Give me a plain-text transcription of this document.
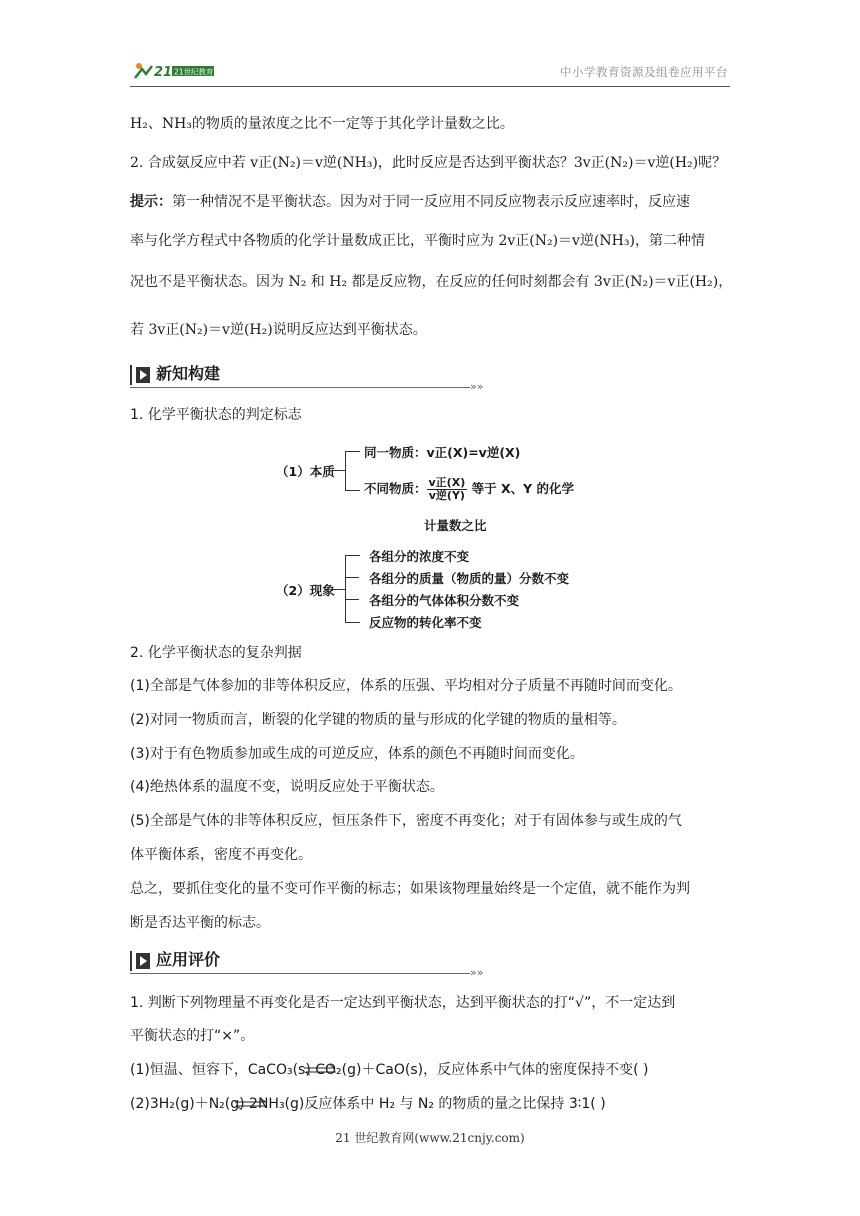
21 21世纪教育	中小学教育资源及组卷应用平台
H₂、NH₃的物质的量浓度之比不一定等于其化学计量数之比。
2. 合成氨反应中若 v正(N₂)＝v逆(NH₃)，此时反应是否达到平衡状态？3v正(N₂)＝v逆(H₂)呢？
提示：第一种情况不是平衡状态。因为对于同一反应用不同反应物表示反应速率时，反应速
率与化学方程式中各物质的化学计量数成正比，平衡时应为 2v正(N₂)＝v逆(NH₃)，第二种情
况也不是平衡状态。因为 N₂ 和 H₂ 都是反应物，在反应的任何时刻都会有 3v正(N₂)＝v正(H₂)，
若 3v正(N₂)＝v逆(H₂)说明反应达到平衡状态。
新知构建
»»
1. 化学平衡状态的判定标志
（1）本质
同一物质：v正(X)=v逆(X)
不同物质： $\frac{\text{v正(X)}}{\text{v逆(Y)}}$ 等于 X、Y 的化学
计量数之比
（2）现象
各组分的浓度不变
各组分的质量（物质的量）分数不变
各组分的气体体积分数不变
反应物的转化率不变
2. 化学平衡状态的复杂判据
(1)全部是气体参加的非等体积反应，体系的压强、平均相对分子质量不再随时间而变化。
(2)对同一物质而言，断裂的化学键的物质的量与形成的化学键的物质的量相等。
(3)对于有色物质参加或生成的可逆反应，体系的颜色不再随时间而变化。
(4)绝热体系的温度不变，说明反应处于平衡状态。
(5)全部是气体的非等体积反应，恒压条件下，密度不再变化；对于有固体参与或生成的气
体平衡体系，密度不再变化。
总之，要抓住变化的量不变可作平衡的标志；如果该物理量始终是一个定值，就不能作为判
断是否达平衡的标志。
应用评价
»»
1. 判断下列物理量不再变化是否一定达到平衡状态，达到平衡状态的打“√”，不一定达到
平衡状态的打“×”。
(1)恒温、恒容下，CaCO₃(s) CO₂(g)＋CaO(s)，反应体系中气体的密度保持不变( )
(2)3H₂(g)＋N₂(g) 2NH₃(g)反应体系中 H₂ 与 N₂ 的物质的量之比保持 3∶1( )
21 世纪教育网(www.21cnjy.com)
